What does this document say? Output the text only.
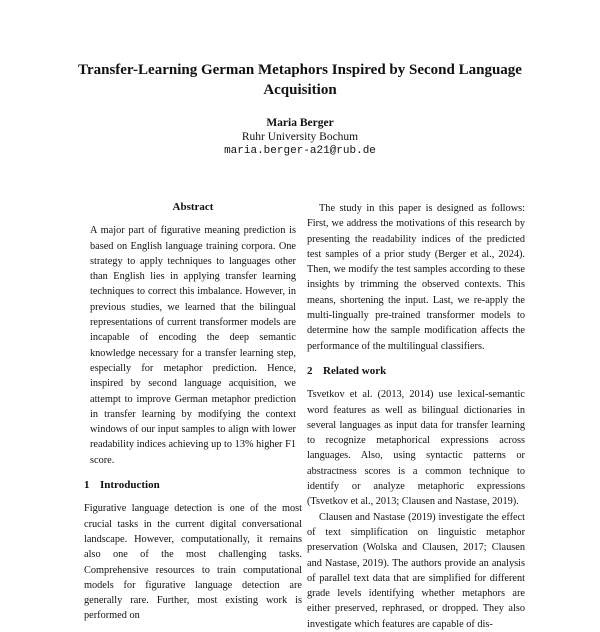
Transfer-Learning German Metaphors Inspired by Second Language Acquisition
Maria Berger
Ruhr University Bochum
maria.berger-a21@rub.de
Abstract

A major part of figurative meaning prediction is based on English language training corpora. One strategy to apply techniques to languages other than English lies in applying transfer learning techniques to correct this imbalance. However, in previous studies, we learned that the bilingual representations of current transformer models are incapable of encoding the deep semantic knowledge necessary for a transfer learning step, especially for metaphor prediction. Hence, inspired by second language acquisition, we attempt to improve German metaphor prediction in transfer learning by modifying the context windows of our input samples to align with lower readability indices achieving up to 13% higher F1 score.

1 Introduction

Figurative language detection is one of the most crucial tasks in the current digital conversational landscape. However, computationally, it remains also one of the most challenging tasks. Comprehensive resources to train computational models for figurative language detection are generally rare. Further, most existing work is performed on

The study in this paper is designed as follows: First, we address the motivations of this research by presenting the readability indices of the predicted test samples of a prior study (Berger et al., 2024). Then, we modify the test samples according to these insights by trimming the observed contexts. This means, shortening the input. Last, we re-apply the multi-lingually pre-trained transformer models to determine how the sample modification affects the performance of the multilingual classifiers.

2 Related work

Tsvetkov et al. (2013, 2014) use lexical-semantic word features as well as bilingual dictionaries in several languages as input data for transfer learning to recognize metaphorical expressions across languages. Also, using syntactic patterns or abstractness scores is a common technique to identify or analyze metaphoric expressions (Tsvetkov et al., 2013; Clausen and Nastase, 2019).

Clausen and Nastase (2019) investigate the effect of text simplification on linguistic metaphor preservation (Wolska and Clausen, 2017; Clausen and Nastase, 2019). The authors provide an analysis of parallel text data that are simplified for different grade levels identifying whether metaphors are either preserved, rephrased, or dropped. They also investigate which features are capable of dis-
